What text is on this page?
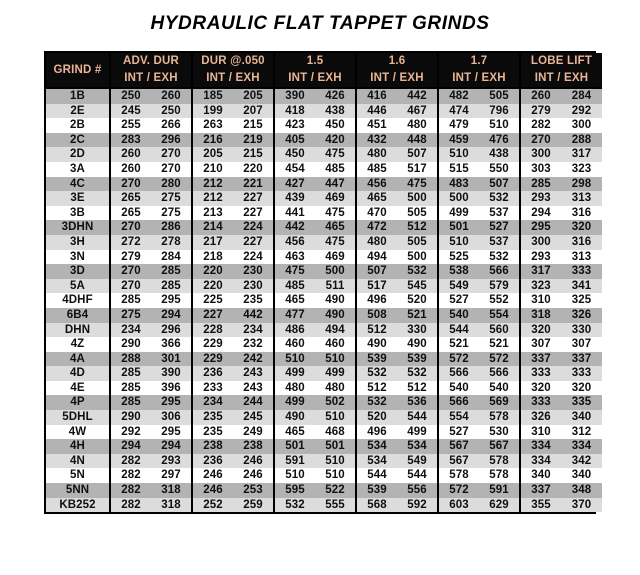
HYDRAULIC FLAT TAPPET GRINDS
GRIND #	ADV. DUR		DUR @.050		1.5		1.6		1.7		LOBE LIFT	
	INT / EXH		INT / EXH		INT / EXH		INT / EXH		INT / EXH		INT / EXH	
1B	250	260	185	205	390	426	416	442	482	505	260	284
2E	245	250	199	207	418	438	446	467	474	796	279	292
2B	255	266	263	215	423	450	451	480	479	510	282	300
2C	283	296	216	219	405	420	432	448	459	476	270	288
2D	260	270	205	215	450	475	480	507	510	438	300	317
3A	260	270	210	220	454	485	485	517	515	550	303	323
4C	270	280	212	221	427	447	456	475	483	507	285	298
3E	265	275	212	227	439	469	465	500	500	532	293	313
3B	265	275	213	227	441	475	470	505	499	537	294	316
3DHN	270	286	214	224	442	465	472	512	501	527	295	320
3H	272	278	217	227	456	475	480	505	510	537	300	316
3N	279	284	218	224	463	469	494	500	525	532	293	313
3D	270	285	220	230	475	500	507	532	538	566	317	333
5A	270	285	220	230	485	511	517	545	549	579	323	341
4DHF	285	295	225	235	465	490	496	520	527	552	310	325
6B4	275	294	227	442	477	490	508	521	540	554	318	326
DHN	234	296	228	234	486	494	512	330	544	560	320	330
4Z	290	366	229	232	460	460	490	490	521	521	307	307
4A	288	301	229	242	510	510	539	539	572	572	337	337
4D	285	390	236	243	499	499	532	532	566	566	333	333
4E	285	396	233	243	480	480	512	512	540	540	320	320
4P	285	295	234	244	499	502	532	536	566	569	333	335
5DHL	290	306	235	245	490	510	520	544	554	578	326	340
4W	292	295	235	249	465	468	496	499	527	530	310	312
4H	294	294	238	238	501	501	534	534	567	567	334	334
4N	282	293	236	246	591	510	534	549	567	578	334	342
5N	282	297	246	246	510	510	544	544	578	578	340	340
5NN	282	318	246	253	595	522	539	556	572	591	337	348
KB252	282	318	252	259	532	555	568	592	603	629	355	370
